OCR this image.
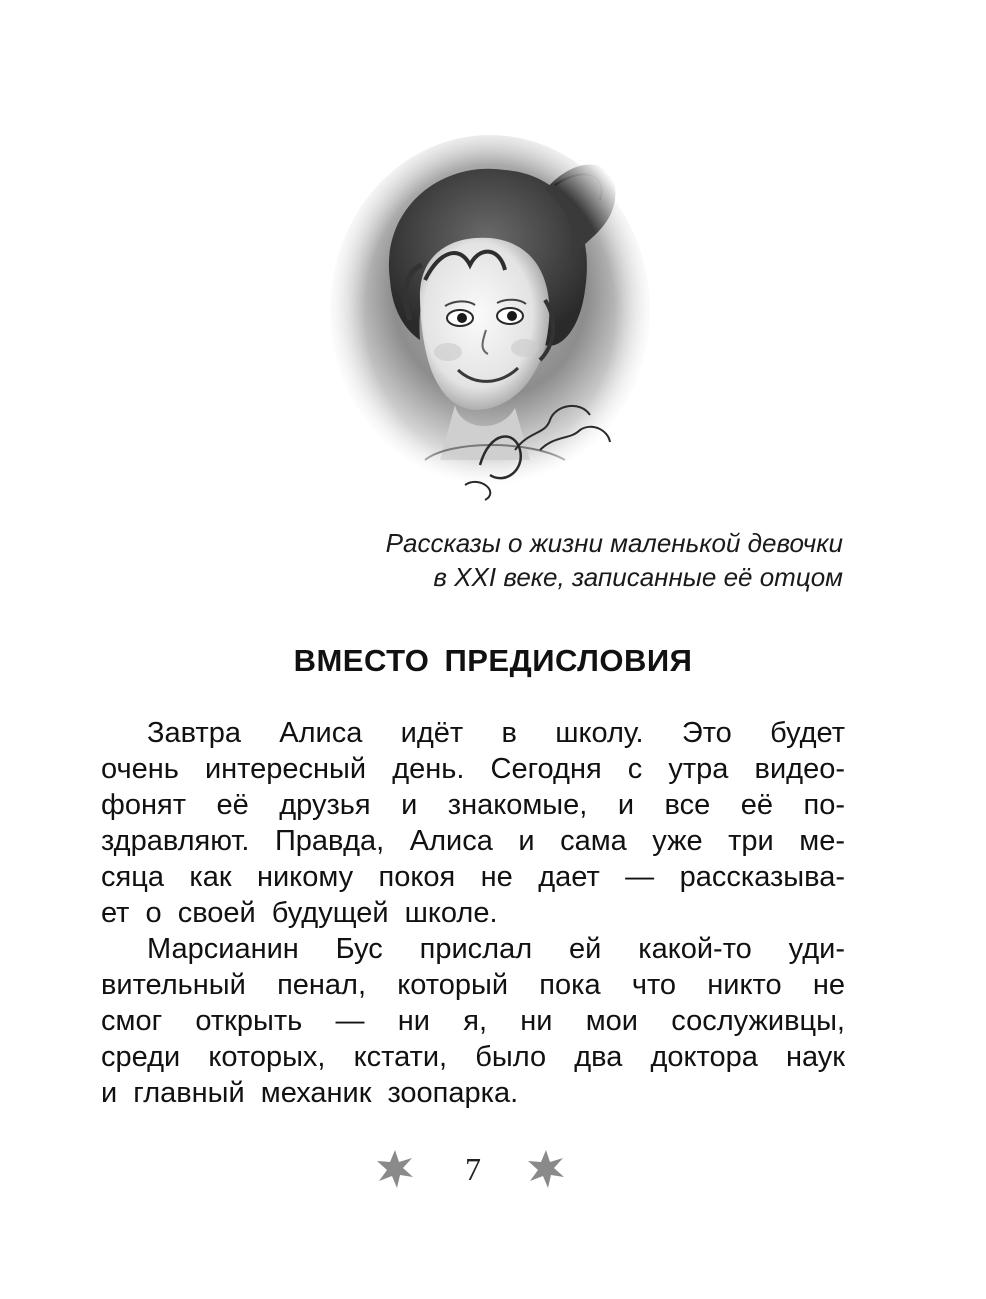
Рассказы о жизни маленькой девочки
в XXI веке, записанные её отцом
ВМЕСТО ПРЕДИСЛОВИЯ
Завтра Алиса идёт в школу. Это будет
очень интересный день. Сегодня с утра видео-
фонят её друзья и знакомые, и все её по-
здравляют. Правда, Алиса и сама уже три ме-
сяца как никому покоя не дает — рассказыва-
ет о своей будущей школе.
Марсианин Бус прислал ей какой-то уди-
вительный пенал, который пока что никто не
смог открыть — ни я, ни мои сослуживцы,
среди которых, кстати, было два доктора наук
и главный механик зоопарка.
7
